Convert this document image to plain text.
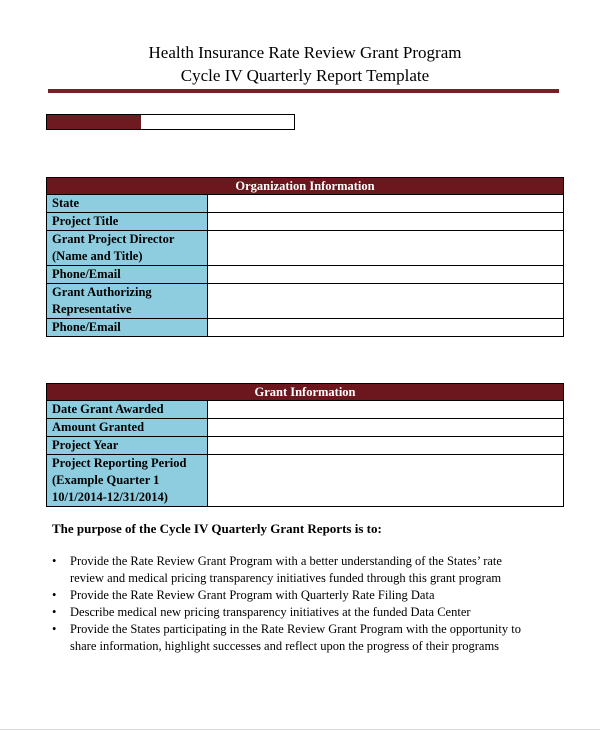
Health Insurance Rate Review Grant Program
Cycle IV Quarterly Report Template
Organization Information	

State	

Project Title	

Grant Project Director
(Name and Title)	

Phone/Email	

Grant Authorizing
Representative	

Phone/Email	

Grant Information	

Date Grant Awarded	

Amount Granted	

Project Year	

Project Reporting Period
(Example Quarter 1
10/1/2014-12/31/2014)	

The purpose of the Cycle IV Quarterly Grant Reports is to:
• Provide the Rate Review Grant Program with a better understanding of the States’ rate
review and medical pricing transparency initiatives funded through this grant program
• Provide the Rate Review Grant Program with Quarterly Rate Filing Data
• Describe medical new pricing transparency initiatives at the funded Data Center
• Provide the States participating in the Rate Review Grant Program with the opportunity to
share information, highlight successes and reflect upon the progress of their programs
